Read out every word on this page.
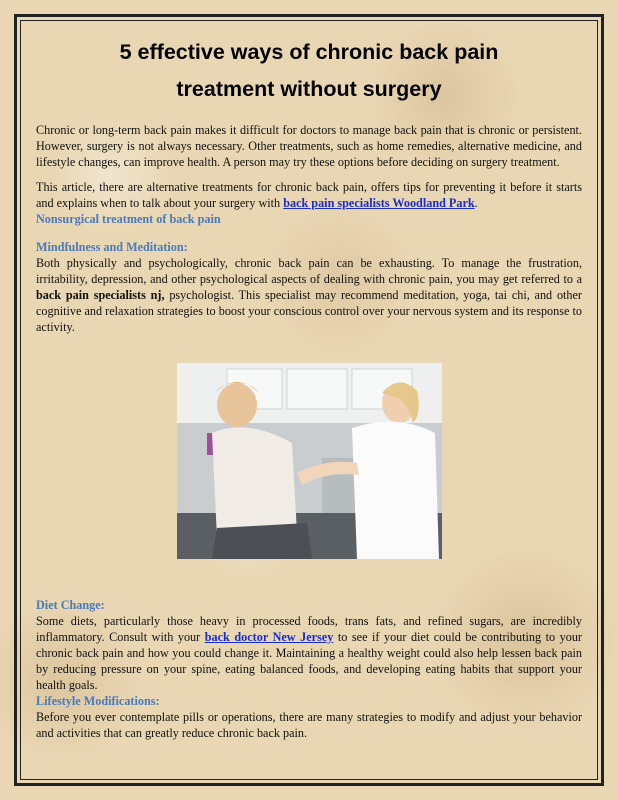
5 effective ways of chronic back pain
treatment without surgery

Chronic or long-term back pain makes it difficult for doctors to manage back pain that is chronic or persistent. However, surgery is not always necessary. Other treatments, such as home remedies, alternative medicine, and lifestyle changes, can improve health. A person may try these options before deciding on surgery treatment.

This article, there are alternative treatments for chronic back pain, offers tips for preventing it before it starts and explains when to talk about your surgery with back pain specialists Woodland Park.

Nonsurgical treatment of back pain

Mindfulness and Meditation:

Both physically and psychologically, chronic back pain can be exhausting. To manage the frustration, irritability, depression, and other psychological aspects of dealing with chronic pain, you may get referred to a back pain specialists nj, psychologist. This specialist may recommend meditation, yoga, tai chi, and other cognitive and relaxation strategies to boost your conscious control over your nervous system and its response to activity.

Diet Change:

Some diets, particularly those heavy in processed foods, trans fats, and refined sugars, are incredibly inflammatory. Consult with your back doctor New Jersey to see if your diet could be contributing to your chronic back pain and how you could change it. Maintaining a healthy weight could also help lessen back pain by reducing pressure on your spine, eating balanced foods, and developing eating habits that support your health goals.

Lifestyle Modifications:

Before you ever contemplate pills or operations, there are many strategies to modify and adjust your behavior and activities that can greatly reduce chronic back pain.
